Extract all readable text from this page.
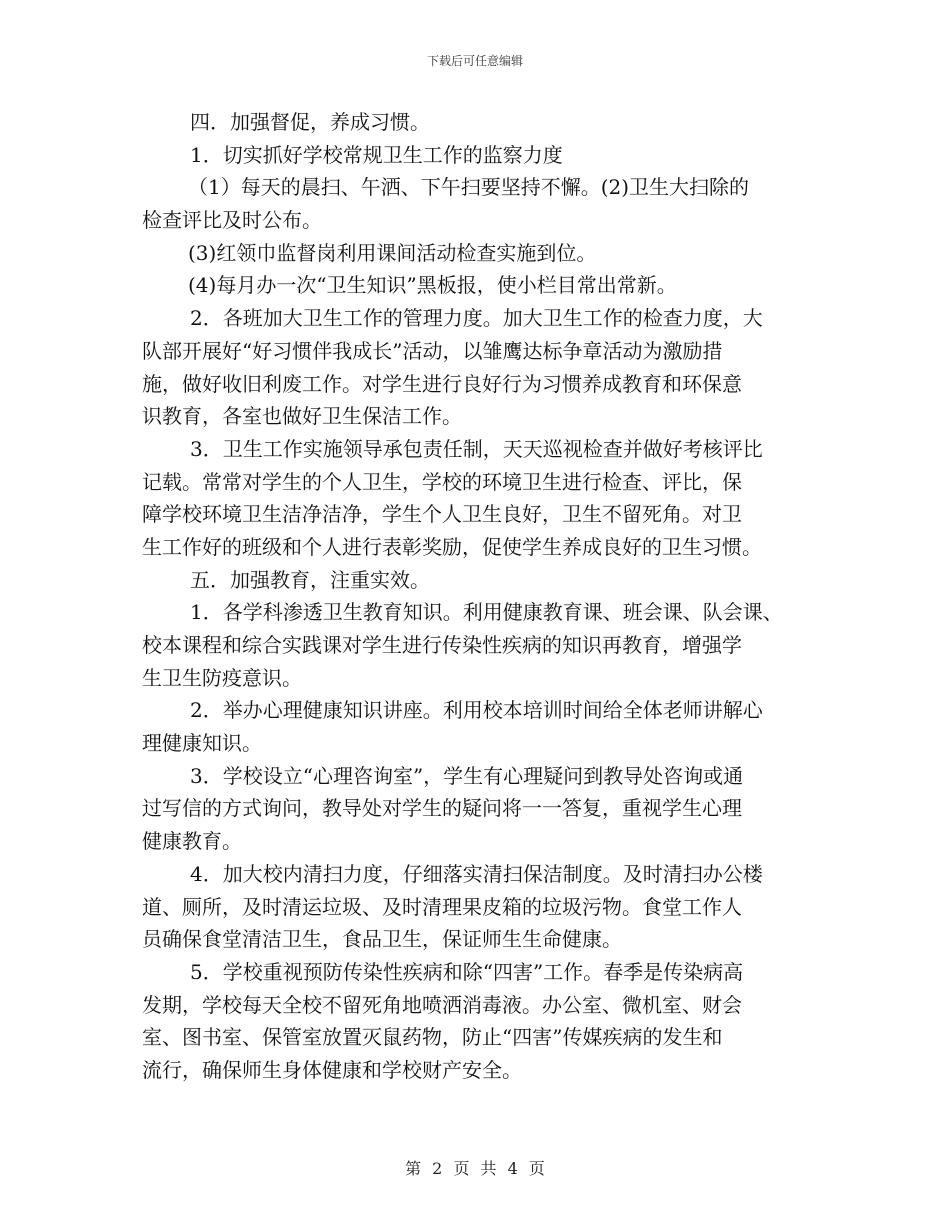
下载后可任意编辑
四．加强督促，养成习惯。
1．切实抓好学校常规卫生工作的监察力度
（1）每天的晨扫、午洒、下午扫要坚持不懈。(2)卫生大扫除的
检查评比及时公布。
(3)红领巾监督岗利用课间活动检查实施到位。
(4)每月办一次“卫生知识”黑板报，使小栏目常出常新。
2．各班加大卫生工作的管理力度。加大卫生工作的检查力度，大
队部开展好“好习惯伴我成长”活动，以雏鹰达标争章活动为激励措
施，做好收旧利废工作。对学生进行良好行为习惯养成教育和环保意
识教育，各室也做好卫生保洁工作。
3．卫生工作实施领导承包责任制，天天巡视检查并做好考核评比
记载。常常对学生的个人卫生，学校的环境卫生进行检查、评比，保
障学校环境卫生洁净洁净，学生个人卫生良好，卫生不留死角。对卫
生工作好的班级和个人进行表彰奖励，促使学生养成良好的卫生习惯。
五．加强教育，注重实效。
1．各学科渗透卫生教育知识。利用健康教育课、班会课、队会课、
校本课程和综合实践课对学生进行传染性疾病的知识再教育，增强学
生卫生防疫意识。
2．举办心理健康知识讲座。利用校本培训时间给全体老师讲解心
理健康知识。
3．学校设立“心理咨询室”，学生有心理疑问到教导处咨询或通
过写信的方式询问，教导处对学生的疑问将一一答复，重视学生心理
健康教育。
4．加大校内清扫力度，仔细落实清扫保洁制度。及时清扫办公楼
道、厕所，及时清运垃圾、及时清理果皮箱的垃圾污物。食堂工作人
员确保食堂清洁卫生，食品卫生，保证师生生命健康。
5．学校重视预防传染性疾病和除“四害”工作。春季是传染病高
发期，学校每天全校不留死角地喷洒消毒液。办公室、微机室、财会
室、图书室、保管室放置灭鼠药物，防止“四害”传媒疾病的发生和
流行，确保师生身体健康和学校财产安全。
第 2 页 共 4 页
